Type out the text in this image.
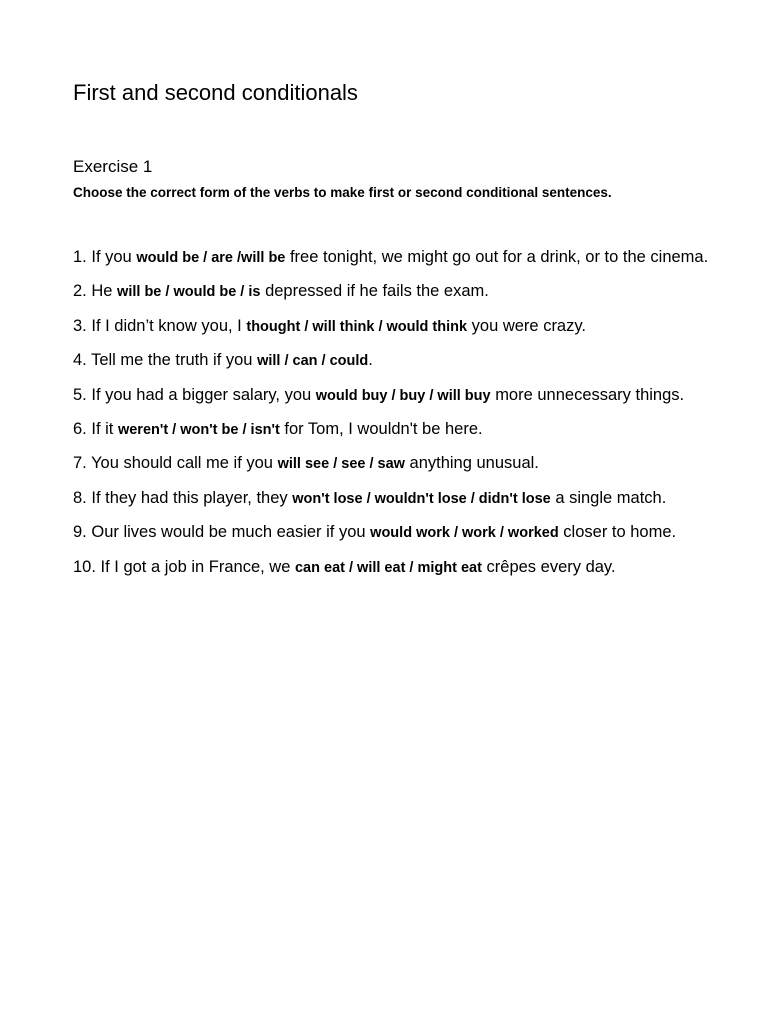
First and second conditionals
Exercise 1

Choose the correct form of the verbs to make first or second conditional sentences.

1. If you would be / are /will be free tonight, we might go out for a drink, or to the cinema.
2. He will be / would be / is depressed if he fails the exam.
3. If I didn’t know you, I thought / will think / would think you were crazy.
4. Tell me the truth if you will / can / could.
5. If you had a bigger salary, you would buy / buy / will buy more unnecessary things.
6. If it weren't / won't be / isn't for Tom, I wouldn't be here.
7. You should call me if you will see / see / saw anything unusual.
8. If they had this player, they won't lose / wouldn't lose / didn't lose a single match.
9. Our lives would be much easier if you would work / work / worked closer to home.
10. If I got a job in France, we can eat / will eat / might eat crêpes every day.
